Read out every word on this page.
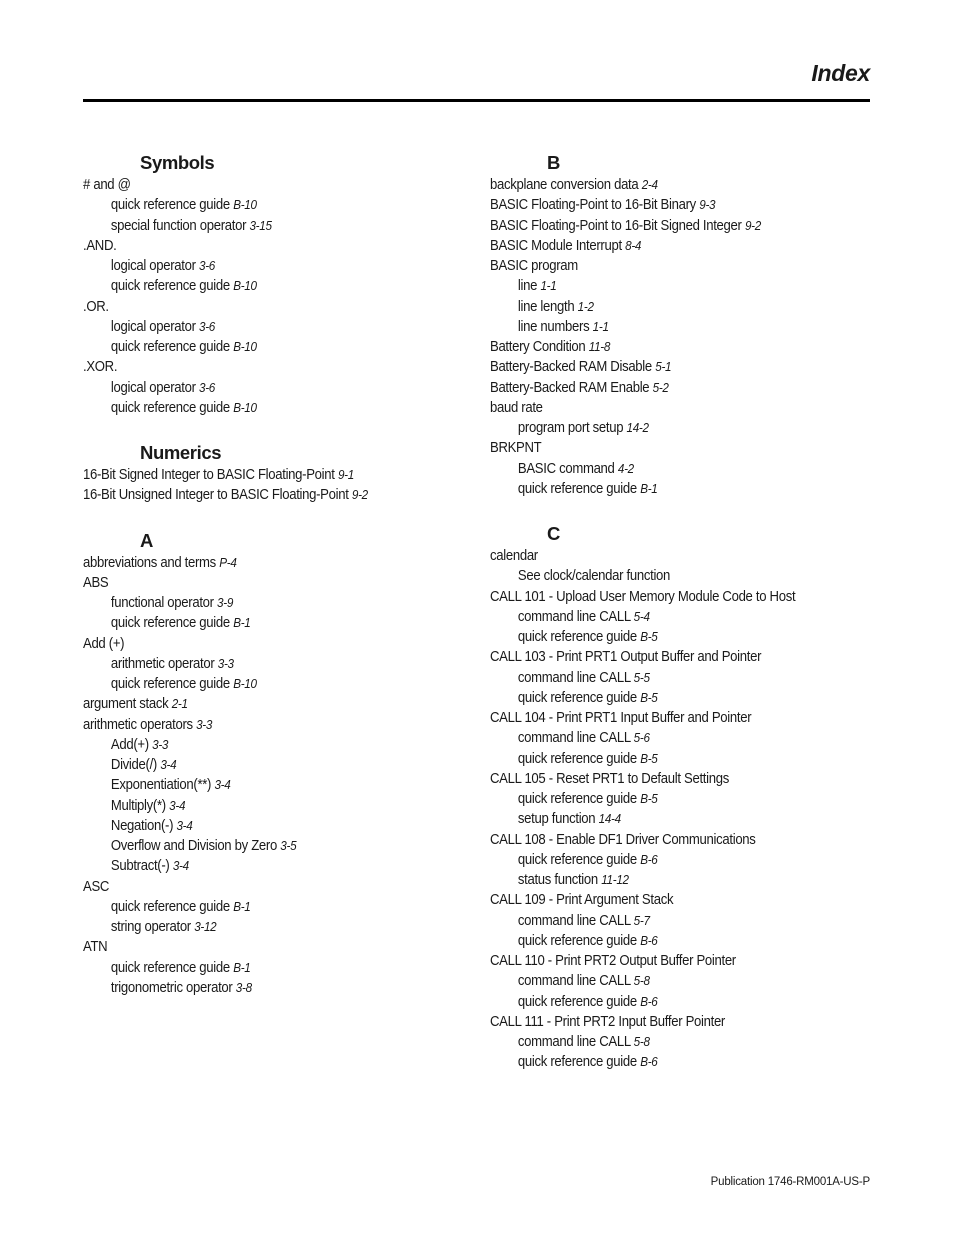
Index
Symbols
# and @
quick reference guide B-10
special function operator 3-15
.AND.
logical operator 3-6
quick reference guide B-10
.OR.
logical operator 3-6
quick reference guide B-10
.XOR.
logical operator 3-6
quick reference guide B-10
Numerics
16-Bit Signed Integer to BASIC Floating-Point 9-1
16-Bit Unsigned Integer to BASIC Floating-Point 9-2
A
abbreviations and terms P-4
ABS
functional operator 3-9
quick reference guide B-1
Add (+)
arithmetic operator 3-3
quick reference guide B-10
argument stack 2-1
arithmetic operators 3-3
Add(+) 3-3
Divide(/) 3-4
Exponentiation(**) 3-4
Multiply(*) 3-4
Negation(-) 3-4
Overflow and Division by Zero 3-5
Subtract(-) 3-4
ASC
quick reference guide B-1
string operator 3-12
ATN
quick reference guide B-1
trigonometric operator 3-8
B
backplane conversion data 2-4
BASIC Floating-Point to 16-Bit Binary 9-3
BASIC Floating-Point to 16-Bit Signed Integer 9-2
BASIC Module Interrupt 8-4
BASIC program
line 1-1
line length 1-2
line numbers 1-1
Battery Condition 11-8
Battery-Backed RAM Disable 5-1
Battery-Backed RAM Enable 5-2
baud rate
program port setup 14-2
BRKPNT
BASIC command 4-2
quick reference guide B-1
C
calendar
See clock/calendar function
CALL 101 - Upload User Memory Module Code to Host
command line CALL 5-4
quick reference guide B-5
CALL 103 - Print PRT1 Output Buffer and Pointer
command line CALL 5-5
quick reference guide B-5
CALL 104 - Print PRT1 Input Buffer and Pointer
command line CALL 5-6
quick reference guide B-5
CALL 105 - Reset PRT1 to Default Settings
quick reference guide B-5
setup function 14-4
CALL 108 - Enable DF1 Driver Communications
quick reference guide B-6
status function 11-12
CALL 109 - Print Argument Stack
command line CALL 5-7
quick reference guide B-6
CALL 110 - Print PRT2 Output Buffer Pointer
command line CALL 5-8
quick reference guide B-6
CALL 111 - Print PRT2 Input Buffer Pointer
command line CALL 5-8
quick reference guide B-6
Publication 1746-RM001A-US-P
